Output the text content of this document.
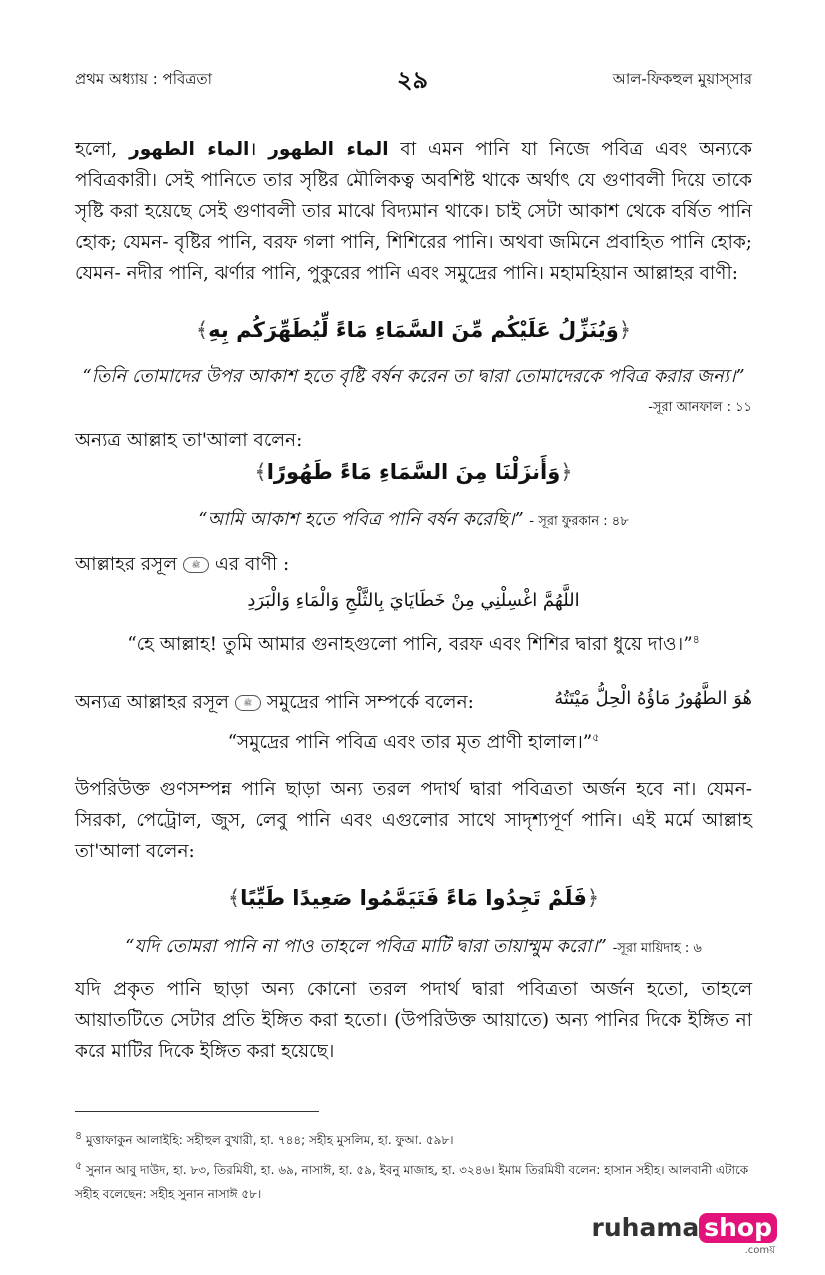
প্রথম অধ্যায় : পবিত্রতা	২৯	আল-ফিকহুল মুয়াস্সার
হলো, الماء الطهور। الماء الطهور বা এমন পানি যা নিজে পবিত্র এবং অন্যকে পবিত্রকারী। সেই পানিতে তার সৃষ্টির মৌলিকত্ব অবশিষ্ট থাকে অর্থাৎ যে গুণাবলী দিয়ে তাকে সৃষ্টি করা হয়েছে সেই গুণাবলী তার মাঝে বিদ্যমান থাকে। চাই সেটা আকাশ থেকে বর্ষিত পানি হোক; যেমন- বৃষ্টির পানি, বরফ গলা পানি, শিশিরের পানি। অথবা জমিনে প্রবাহিত পানি হোক; যেমন- নদীর পানি, ঝর্ণার পানি, পুকুরের পানি এবং সমুদ্রের পানি। মহামহিয়ান আল্লাহর বাণী:
﴿وَيُنَزِّلُ عَلَيْكُم مِّنَ السَّمَاءِ مَاءً لِّيُطَهِّرَكُم بِهِ﴾
“তিনি তোমাদের উপর আকাশ হতে বৃষ্টি বর্ষন করেন তা দ্বারা তোমাদেরকে পবিত্র করার জন্য।”
-সূরা আনফাল : ১১
অন্যত্র আল্লাহ তা'আলা বলেন:
﴿وَأَنزَلْنَا مِنَ السَّمَاءِ مَاءً طَهُورًا﴾
“আমি আকাশ হতে পবিত্র পানি বর্ষন করেছি।” - সূরা ফুরকান : ৪৮
আল্লাহর রসূল ﷺ এর বাণী :
اللَّهُمَّ اغْسِلْنِي مِنْ خَطَايَايَ بِالثَّلْجِ وَالْمَاءِ وَالْبَرَدِ
“হে আল্লাহ! তুমি আমার গুনাহগুলো পানি, বরফ এবং শিশির দ্বারা ধুয়ে দাও।”$^৪$
অন্যত্র আল্লাহর রসূল ﷺ সমুদ্রের পানি সম্পর্কে বলেন:	هُوَ الطَّهُورُ مَاؤُهُ الْحِلُّ مَيْتَتُهُ
“সমুদ্রের পানি পবিত্র এবং তার মৃত প্রাণী হালাল।”$^৫$
উপরিউক্ত গুণসম্পন্ন পানি ছাড়া অন্য তরল পদার্থ দ্বারা পবিত্রতা অর্জন হবে না। যেমন- সিরকা, পেট্রোল, জুস, লেবু পানি এবং এগুলোর সাথে সাদৃশ্যপূর্ণ পানি। এই মর্মে আল্লাহ তা'আলা বলেন:
﴿فَلَمْ تَجِدُوا مَاءً فَتَيَمَّمُوا صَعِيدًا طَيِّبًا﴾
“যদি তোমরা পানি না পাও তাহলে পবিত্র মাটি দ্বারা তায়াম্মুম করো।” -সূরা মায়িদাহ : ৬
যদি প্রকৃত পানি ছাড়া অন্য কোনো তরল পদার্থ দ্বারা পবিত্রতা অর্জন হতো, তাহলে আয়াতটিতে সেটার প্রতি ইঙ্গিত করা হতো। (উপরিউক্ত আয়াতে) অন্য পানির দিকে ইঙ্গিত না করে মাটির দিকে ইঙ্গিত করা হয়েছে।
$^৪$ মুত্তাফাকুন আলাইহি: সহীহুল বুখারী, হা. ৭৪৪; সহীহ মুসলিম, হা. ফুআ. ৫৯৮।
$^৫$ সুনান আবু দাউদ, হা. ৮৩, তিরমিযী, হা. ৬৯, নাসাঈ, হা. ৫৯, ইবনু মাজাহ, হা. ৩২৪৬। ইমাম তিরমিযী বলেন: হাসান সহীহ। আলবানী এটাকে সহীহ বলেছেন: সহীহ সুনান নাসাঈ ৫৮।
ruhama shop
.comয়
